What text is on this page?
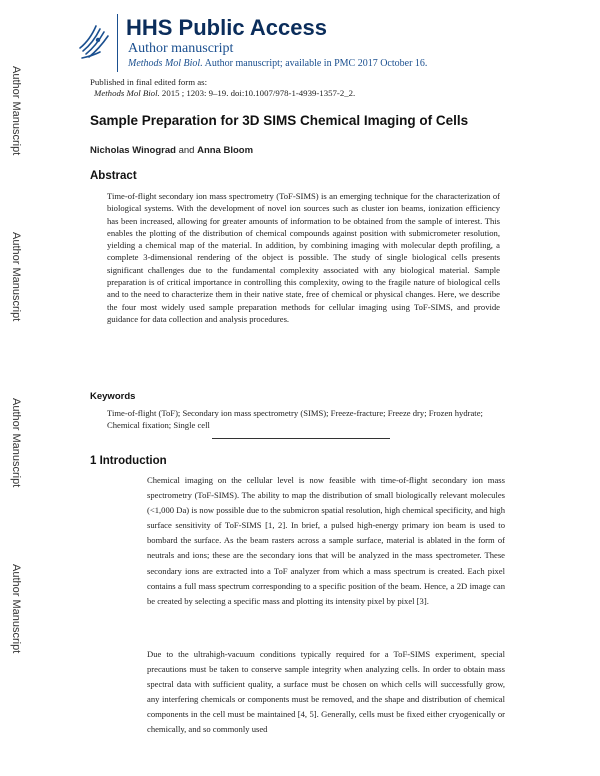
Author Manuscript
Author Manuscript
Author Manuscript
Author Manuscript
HHS Public Access
Author manuscript
Methods Mol Biol. Author manuscript; available in PMC 2017 October 16.
Published in final edited form as:
Methods Mol Biol. 2015 ; 1203: 9–19. doi:10.1007/978-1-4939-1357-2_2.
Sample Preparation for 3D SIMS Chemical Imaging of Cells
Nicholas Winograd and Anna Bloom
Abstract

Time-of-flight secondary ion mass spectrometry (ToF-SIMS) is an emerging technique for the characterization of biological systems. With the development of novel ion sources such as cluster ion beams, ionization efficiency has been increased, allowing for greater amounts of information to be obtained from the sample of interest. This enables the plotting of the distribution of chemical compounds against position with submicrometer resolution, yielding a chemical map of the material. In addition, by combining imaging with molecular depth profiling, a complete 3-dimensional rendering of the object is possible. The study of single biological cells presents significant challenges due to the fundamental complexity associated with any biological material. Sample preparation is of critical importance in controlling this complexity, owing to the fragile nature of biological cells and to the need to characterize them in their native state, free of chemical or physical changes. Here, we describe the four most widely used sample preparation methods for cellular imaging using ToF-SIMS, and provide guidance for data collection and analysis procedures.

Keywords

Time-of-flight (ToF); Secondary ion mass spectrometry (SIMS); Freeze-fracture; Freeze dry; Frozen hydrate; Chemical fixation; Single cell

1 Introduction

Chemical imaging on the cellular level is now feasible with time-of-flight secondary ion mass spectrometry (ToF-SIMS). The ability to map the distribution of small biologically relevant molecules (<1,000 Da) is now possible due to the submicron spatial resolution, high chemical specificity, and high surface sensitivity of ToF-SIMS [1, 2]. In brief, a pulsed high-energy primary ion beam is used to bombard the surface. As the beam rasters across a sample surface, material is ablated in the form of neutrals and ions; these are the secondary ions that will be analyzed in the mass spectrometer. These secondary ions are extracted into a ToF analyzer from which a mass spectrum is created. Each pixel contains a full mass spectrum corresponding to a specific position of the beam. Hence, a 2D image can be created by selecting a specific mass and plotting its intensity pixel by pixel [3].

Due to the ultrahigh-vacuum conditions typically required for a ToF-SIMS experiment, special precautions must be taken to conserve sample integrity when analyzing cells. In order to obtain mass spectral data with sufficient quality, a surface must be chosen on which cells will successfully grow, any interfering chemicals or components must be removed, and the shape and distribution of chemical components in the cell must be maintained [4, 5]. Generally, cells must be fixed either cryogenically or chemically, and so commonly used
